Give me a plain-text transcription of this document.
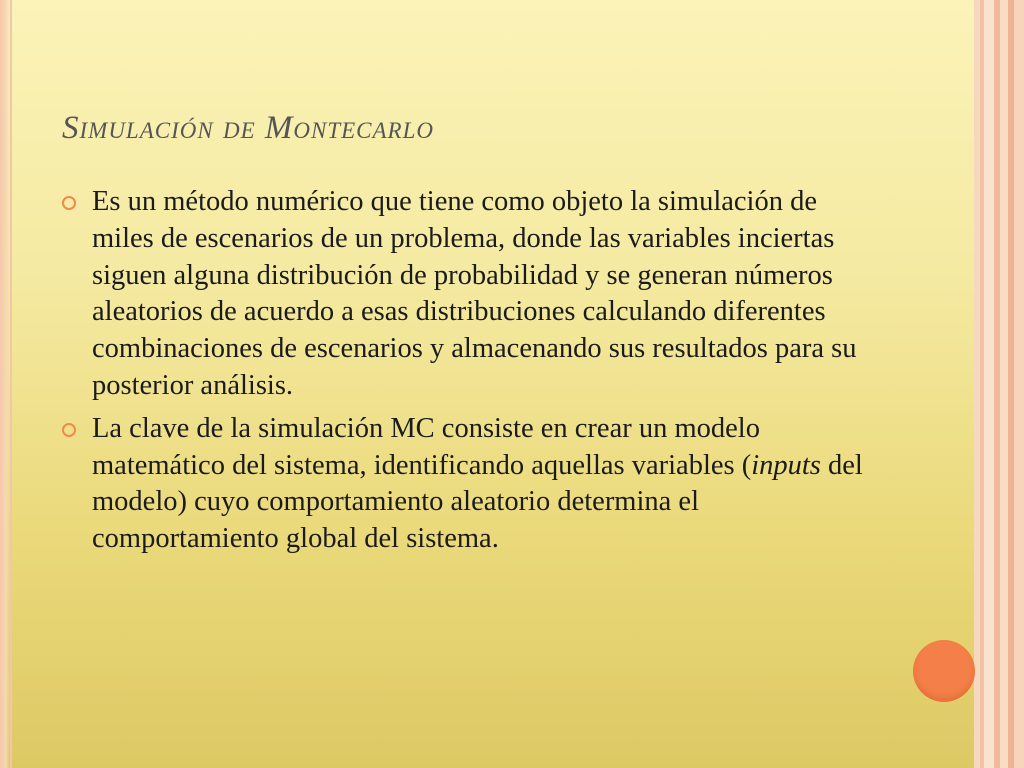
Simulación de Montecarlo
Es un método numérico que tiene como objeto la simulación de miles de escenarios de un problema, donde las variables inciertas siguen alguna distribución de probabilidad y se generan números aleatorios de acuerdo a esas distribuciones calculando diferentes combinaciones de escenarios y almacenando sus resultados para su posterior análisis.
La clave de la simulación MC consiste en crear un modelo matemático del sistema, identificando aquellas variables (inputs del modelo) cuyo comportamiento aleatorio determina el comportamiento global del sistema.
